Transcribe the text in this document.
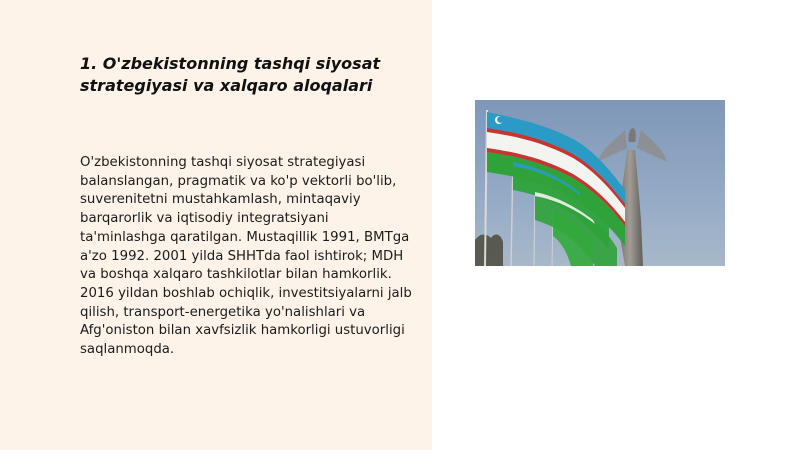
1. O'zbekistonning tashqi siyosat strategiyasi va xalqaro aloqalari

O'zbekistonning tashqi siyosat strategiyasi balanslangan, pragmatik va ko'p vektorli bo'lib, suverenitetni mustahkamlash, mintaqaviy barqarorlik va iqtisodiy integratsiyani ta'minlashga qaratilgan. Mustaqillik 1991, BMTga a'zo 1992. 2001 yilda SHHTda faol ishtirok; MDH va boshqa xalqaro tashkilotlar bilan hamkorlik. 2016 yildan boshlab ochiqlik, investitsiyalarni jalb qilish, transport-energetika yo'nalishlari va Afg'oniston bilan xavfsizlik hamkorligi ustuvorligi saqlanmoqda.
